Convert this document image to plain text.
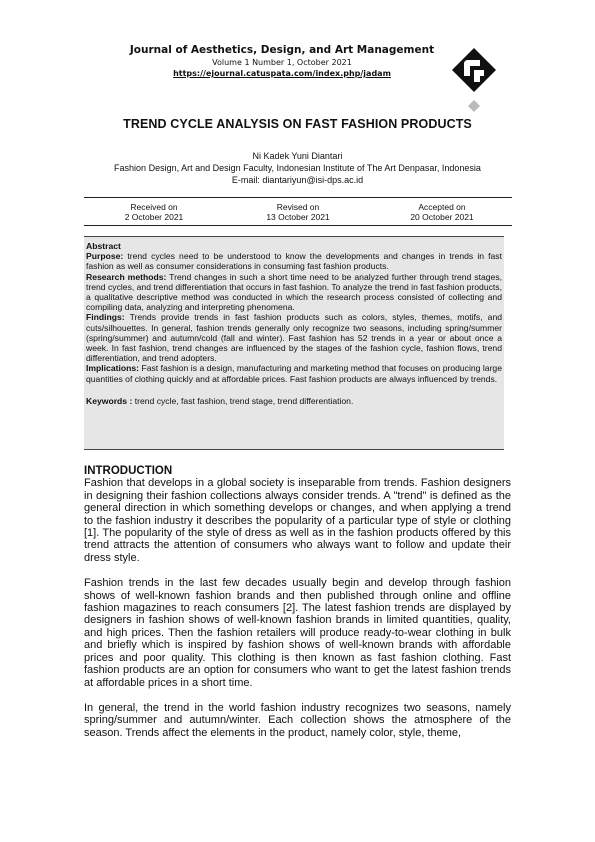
Journal of Aesthetics, Design, and Art Management
Volume 1 Number 1, October 2021
https://ejournal.catuspata.com/index.php/jadam
TREND CYCLE ANALYSIS ON FAST FASHION PRODUCTS
Ni Kadek Yuni Diantari
Fashion Design, Art and Design Faculty, Indonesian Institute of The Art Denpasar, Indonesia
E-mail: diantariyun@isi-dps.ac.id
Received on
2 October 2021
Revised on
13 October 2021
Accepted on
20 October 2021

Abstract

Purpose: trend cycles need to be understood to know the developments and changes in trends in fast fashion as well as consumer considerations in consuming fast fashion products.

Research methods: Trend changes in such a short time need to be analyzed further through trend stages, trend cycles, and trend differentiation that occurs in fast fashion. To analyze the trend in fast fashion products, a qualitative descriptive method was conducted in which the research process consisted of collecting and compiling data, analyzing and interpreting phenomena.

Findings: Trends provide trends in fast fashion products such as colors, styles, themes, motifs, and cuts/silhouettes. In general, fashion trends generally only recognize two seasons, including spring/summer (spring/summer) and autumn/cold (fall and winter). Fast fashion has 52 trends in a year or about once a week. In fast fashion, trend changes are influenced by the stages of the fashion cycle, fashion flows, trend differentiation, and trend adopters.

Implications: Fast fashion is a design, manufacturing and marketing method that focuses on producing large quantities of clothing quickly and at affordable prices. Fast fashion products are always influenced by trends.

Keywords : trend cycle, fast fashion, trend stage, trend differentiation.

INTRODUCTION

Fashion that develops in a global society is inseparable from trends. Fashion designers in designing their fashion collections always consider trends. A "trend" is defined as the general direction in which something develops or changes, and when applying a trend to the fashion industry it describes the popularity of a particular type of style or clothing [1]. The popularity of the style of dress as well as in the fashion products offered by this trend attracts the attention of consumers who always want to follow and update their dress style.

Fashion trends in the last few decades usually begin and develop through fashion shows of well-known fashion brands and then published through online and offline fashion magazines to reach consumers [2]. The latest fashion trends are displayed by designers in fashion shows of well-known fashion brands in limited quantities, quality, and high prices. Then the fashion retailers will produce ready-to-wear clothing in bulk and briefly which is inspired by fashion shows of well-known brands with affordable prices and poor quality. This clothing is then known as fast fashion clothing. Fast fashion products are an option for consumers who want to get the latest fashion trends at affordable prices in a short time.

In general, the trend in the world fashion industry recognizes two seasons, namely spring/summer and autumn/winter. Each collection shows the atmosphere of the season. Trends affect the elements in the product, namely color, style, theme,
